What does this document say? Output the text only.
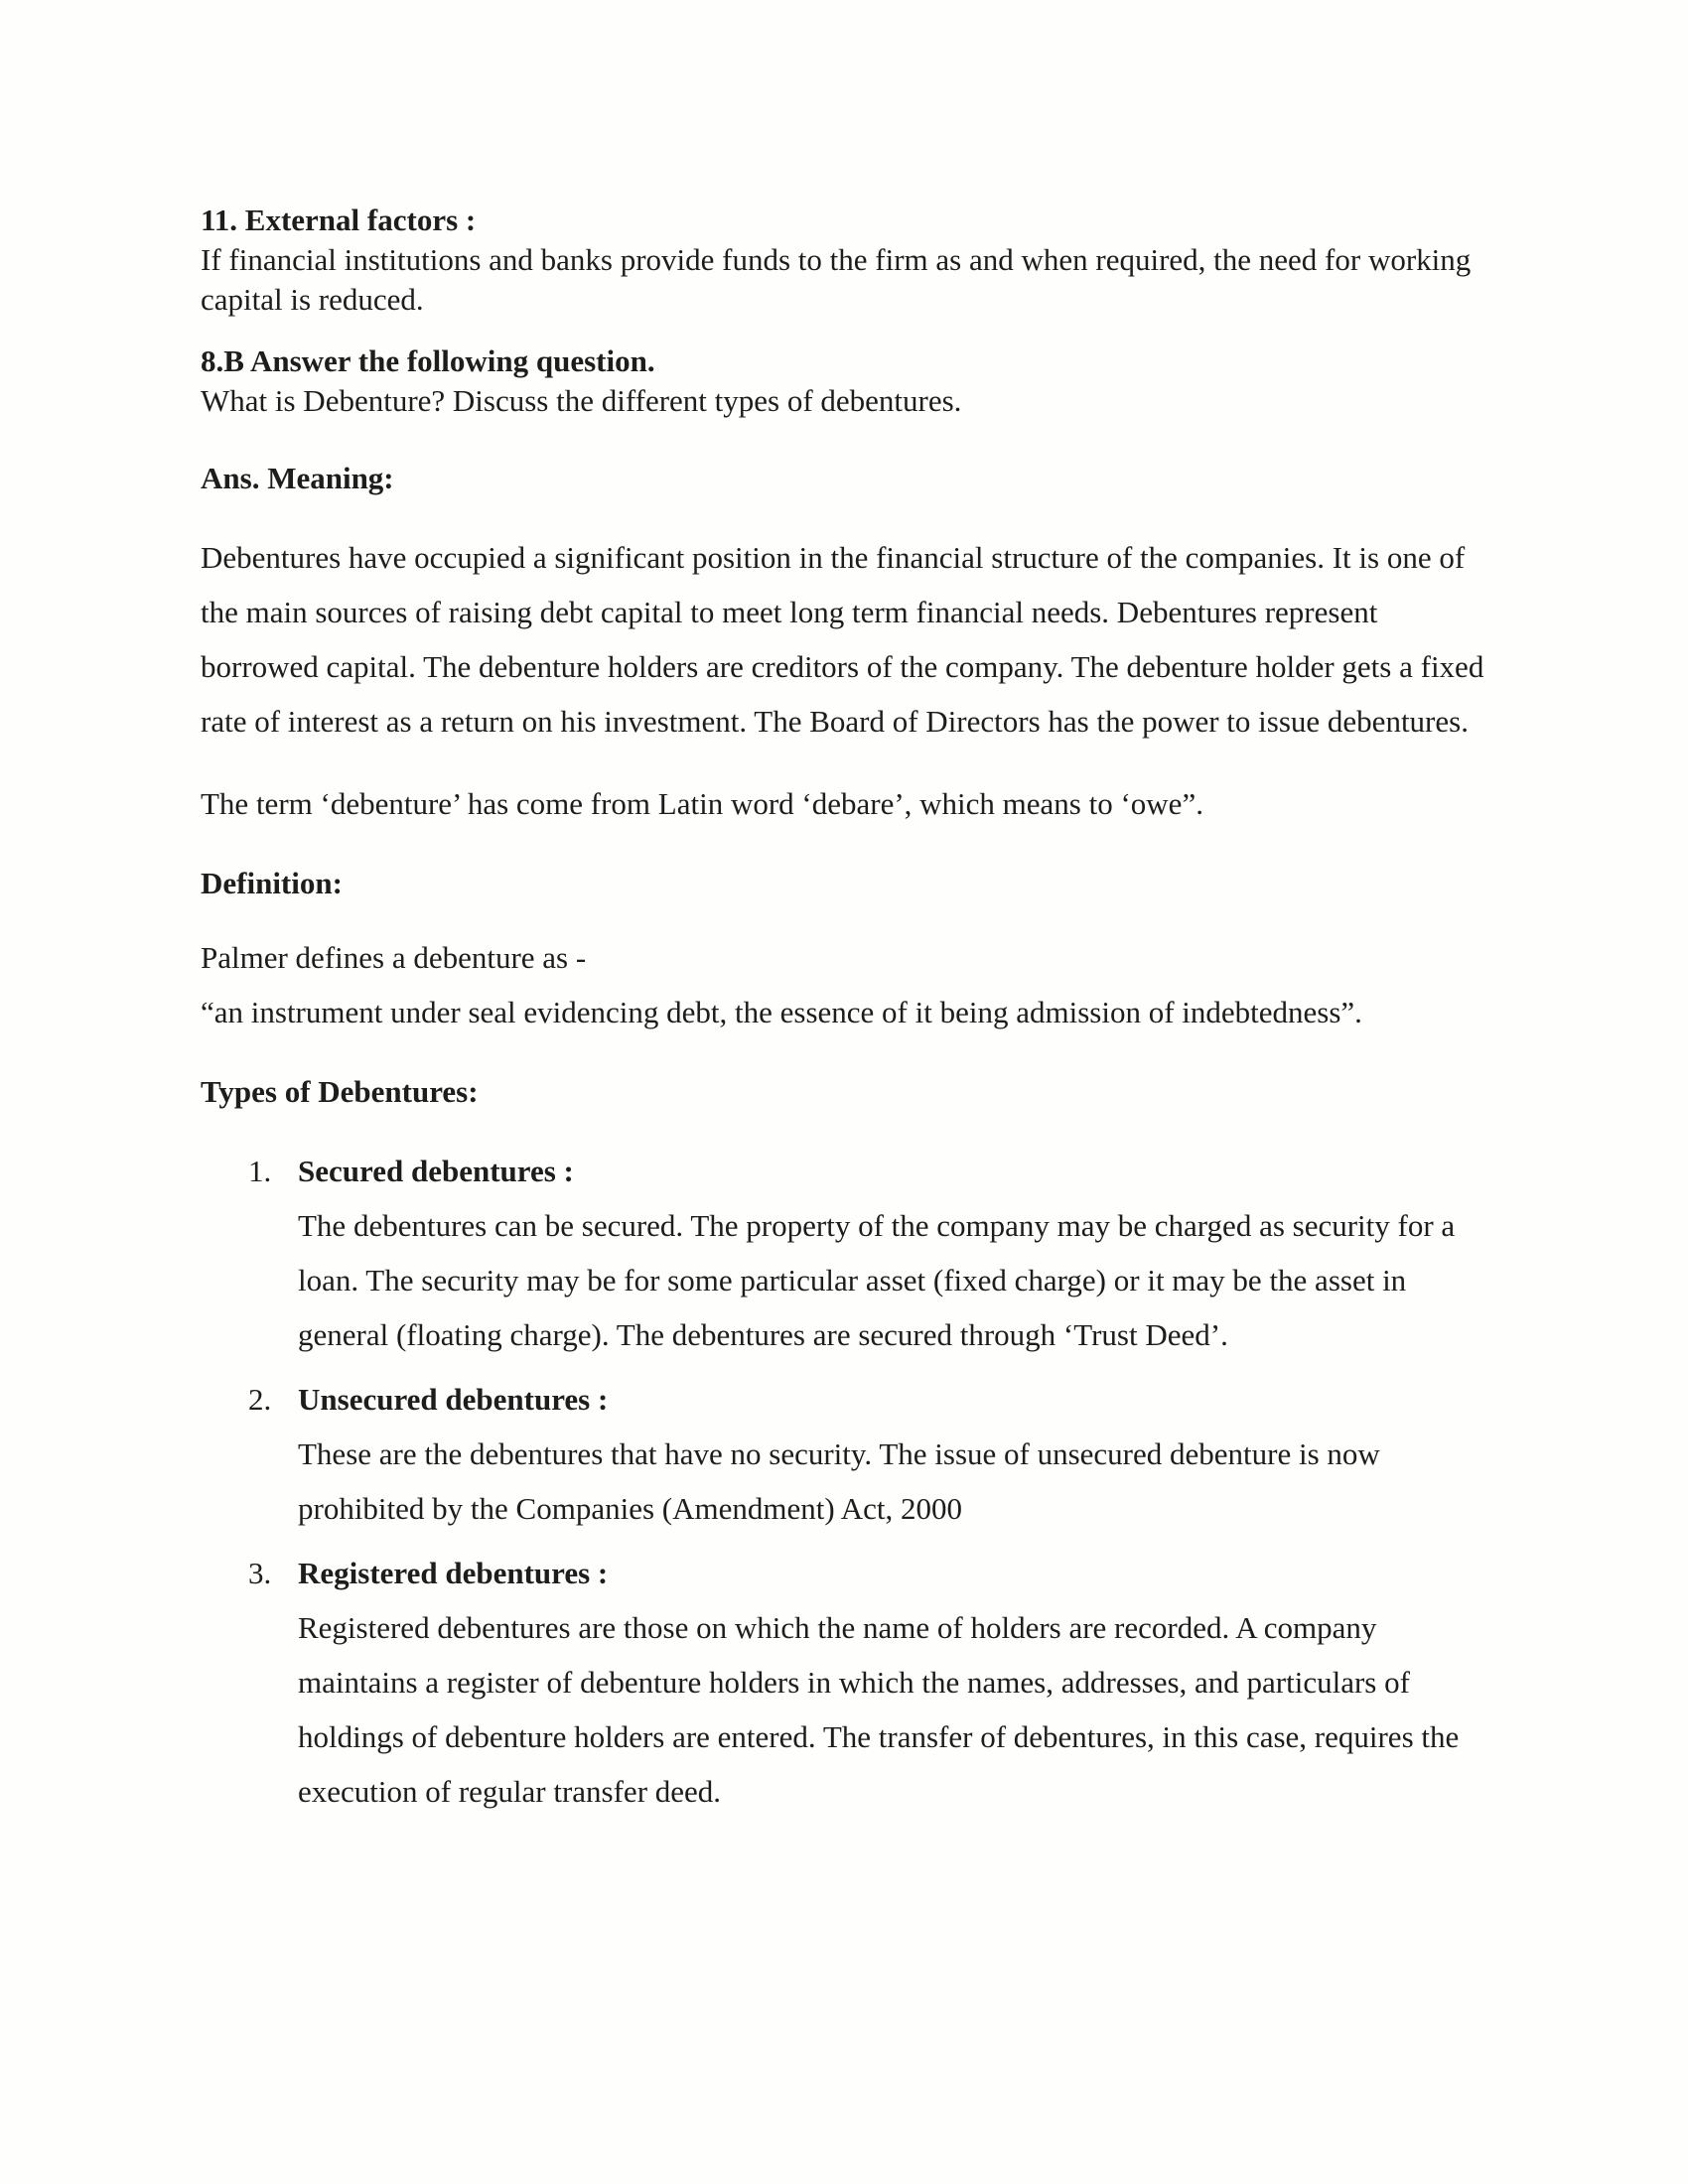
11. External factors :

If financial institutions and banks provide funds to the firm as and when required, the need for working capital is reduced.

8.B Answer the following question.

What is Debenture? Discuss the different types of debentures.

Ans. Meaning:

Debentures have occupied a significant position in the financial structure of the companies. It is one of the main sources of raising debt capital to meet long term financial needs. Debentures represent borrowed capital. The debenture holders are creditors of the company. The debenture holder gets a fixed rate of interest as a return on his investment. The Board of Directors has the power to issue debentures.

The term ‘debenture’ has come from Latin word ‘debare’, which means to ‘owe”.

Definition:

Palmer defines a debenture as -

“an instrument under seal evidencing debt, the essence of it being admission of indebtedness”.

Types of Debentures:

1. Secured debentures :

The debentures can be secured. The property of the company may be charged as security for a loan. The security may be for some particular asset (fixed charge) or it may be the asset in general (floating charge). The debentures are secured through ‘Trust Deed’.

2. Unsecured debentures :

These are the debentures that have no security. The issue of unsecured debenture is now prohibited by the Companies (Amendment) Act, 2000

3. Registered debentures :

Registered debentures are those on which the name of holders are recorded. A company maintains a register of debenture holders in which the names, addresses, and particulars of holdings of debenture holders are entered. The transfer of debentures, in this case, requires the execution of regular transfer deed.
